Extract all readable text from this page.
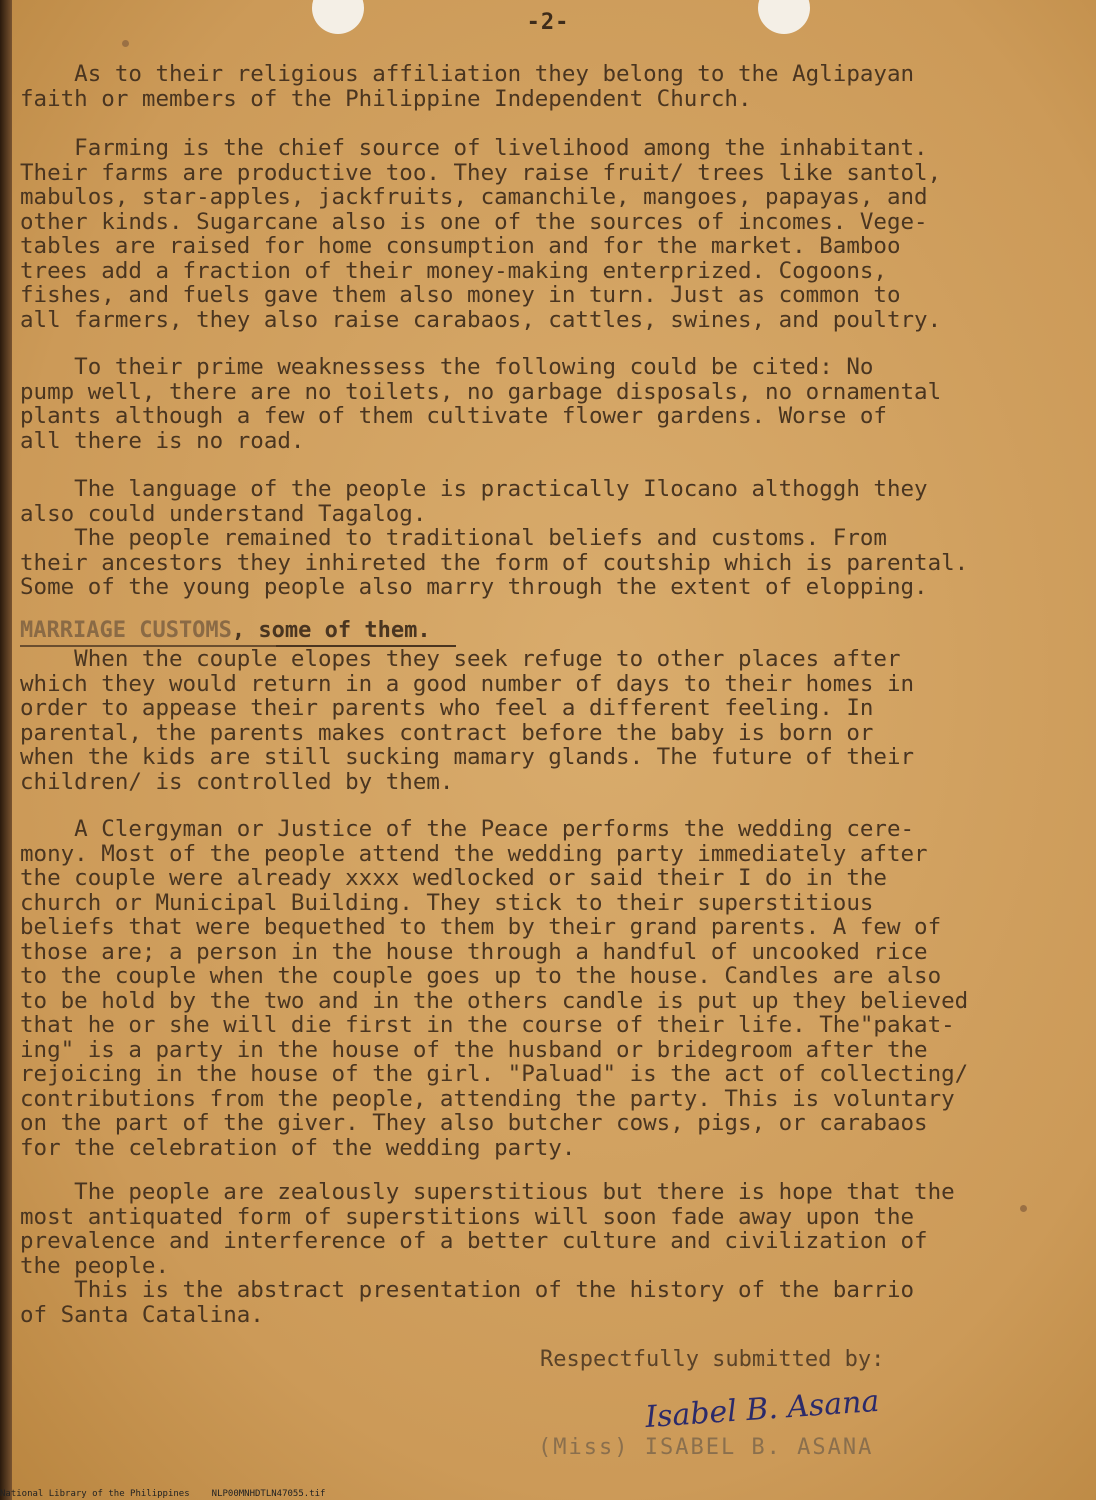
-2-
As to their religious affiliation they belong to the Aglipayan
faith or members of the Philippine Independent Church.
Farming is the chief source of livelihood among the inhabitant.
Their farms are productive too. They raise fruit/ trees like santol,
mabulos, star-apples, jackfruits, camanchile, mangoes, papayas, and
other kinds. Sugarcane also is one of the sources of incomes. Vege-
tables are raised for home consumption and for the market. Bamboo
trees add a fraction of their money-making enterprized. Cogoons,
fishes, and fuels gave them also money in turn. Just as common to
all farmers, they also raise carabaos, cattles, swines, and poultry.
To their prime weaknessess the following could be cited: No
pump well, there are no toilets, no garbage disposals, no ornamental
plants although a few of them cultivate flower gardens. Worse of
all there is no road.
The language of the people is practically Ilocano althoggh they
also could understand Tagalog.
The people remained to traditional beliefs and customs. From
their ancestors they inhireted the form of coutship which is parental.
Some of the young people also marry through the extent of elopping.
MARRIAGE CUSTOMS, some of them.
When the couple elopes they seek refuge to other places after
which they would return in a good number of days to their homes in
order to appease their parents who feel a different feeling. In
parental, the parents makes contract before the baby is born or
when the kids are still sucking mamary glands. The future of their
children/ is controlled by them.
A Clergyman or Justice of the Peace performs the wedding cere-
mony. Most of the people attend the wedding party immediately after
the couple were already xxxx wedlocked or said their I do in the
church or Municipal Building. They stick to their superstitious
beliefs that were bequethed to them by their grand parents. A few of
those are; a person in the house through a handful of uncooked rice
to the couple when the couple goes up to the house. Candles are also
to be hold by the two and in the others candle is put up they believed
that he or she will die first in the course of their life. The"pakat-
ing" is a party in the house of the husband or bridegroom after the
rejoicing in the house of the girl. "Paluad" is the act of collecting/
contributions from the people, attending the party. This is voluntary
on the part of the giver. They also butcher cows, pigs, or carabaos
for the celebration of the wedding party.
The people are zealously superstitious but there is hope that the
most antiquated form of superstitions will soon fade away upon the
prevalence and interference of a better culture and civilization of
the people.
This is the abstract presentation of the history of the barrio
of Santa Catalina.
Respectfully submitted by:
Isabel B. Asana
(Miss) ISABEL B. ASANA
National Library of the Philippines NLP00MNHDTLN47055.tif
